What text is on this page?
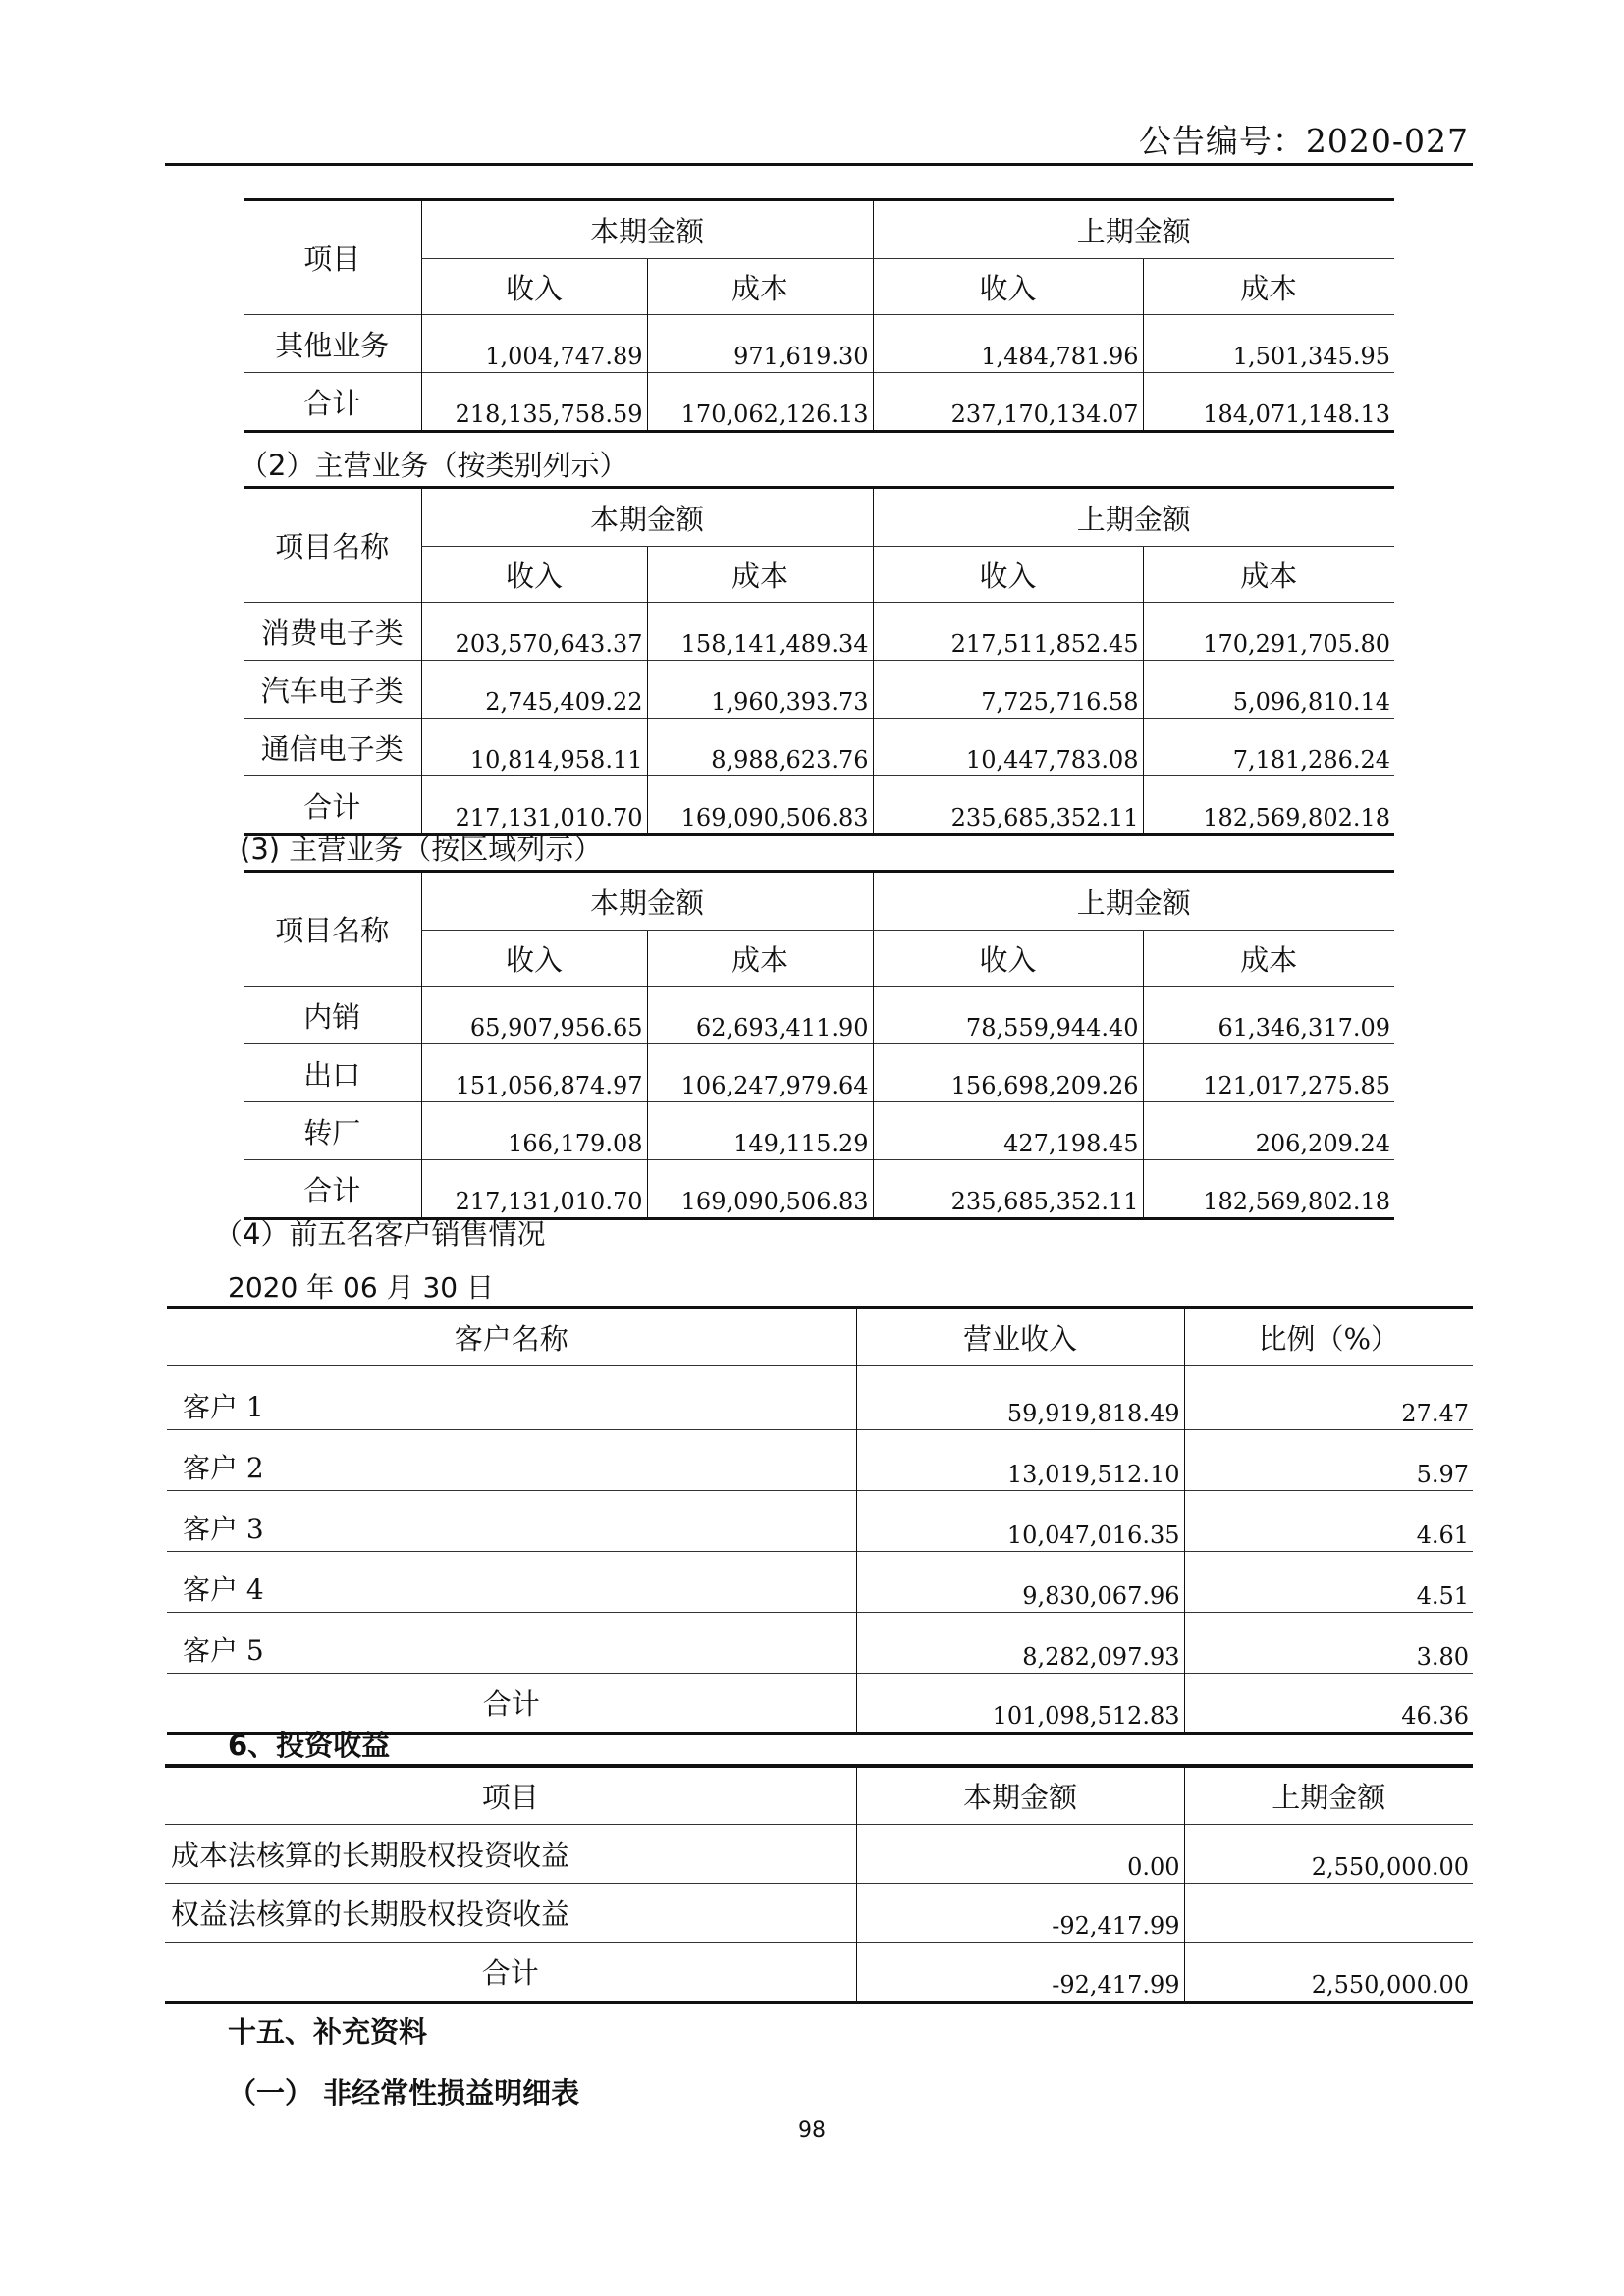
公告编号：2020-027
项目	本期金额		上期金额	
	收入	成本	收入	成本
其他业务	1,004,747.89	971,619.30	1,484,781.96	1,501,345.95
合计	218,135,758.59	170,062,126.13	237,170,134.07	184,071,148.13
（2）主营业务（按类别列示）
项目名称	本期金额		上期金额	
	收入	成本	收入	成本
消费电子类	203,570,643.37	158,141,489.34	217,511,852.45	170,291,705.80
汽车电子类	2,745,409.22	1,960,393.73	7,725,716.58	5,096,810.14
通信电子类	10,814,958.11	8,988,623.76	10,447,783.08	7,181,286.24
合计	217,131,010.70	169,090,506.83	235,685,352.11	182,569,802.18
(3) 主营业务（按区域列示）
项目名称	本期金额		上期金额	
	收入	成本	收入	成本
内销	65,907,956.65	62,693,411.90	78,559,944.40	61,346,317.09
出口	151,056,874.97	106,247,979.64	156,698,209.26	121,017,275.85
转厂	166,179.08	149,115.29	427,198.45	206,209.24
合计	217,131,010.70	169,090,506.83	235,685,352.11	182,569,802.18
（4）前五名客户销售情况
2020 年 06 月 30 日
客户名称	营业收入	比例（%）
客户 1	59,919,818.49	27.47
客户 2	13,019,512.10	5.97
客户 3	10,047,016.35	4.61
客户 4	9,830,067.96	4.51
客户 5	8,282,097.93	3.80
合计	101,098,512.83	46.36
6、投资收益
项目	本期金额	上期金额
成本法核算的长期股权投资收益	0.00	2,550,000.00
权益法核算的长期股权投资收益	-92,417.99	
合计	-92,417.99	2,550,000.00
十五、补充资料
（一） 非经常性损益明细表
98
